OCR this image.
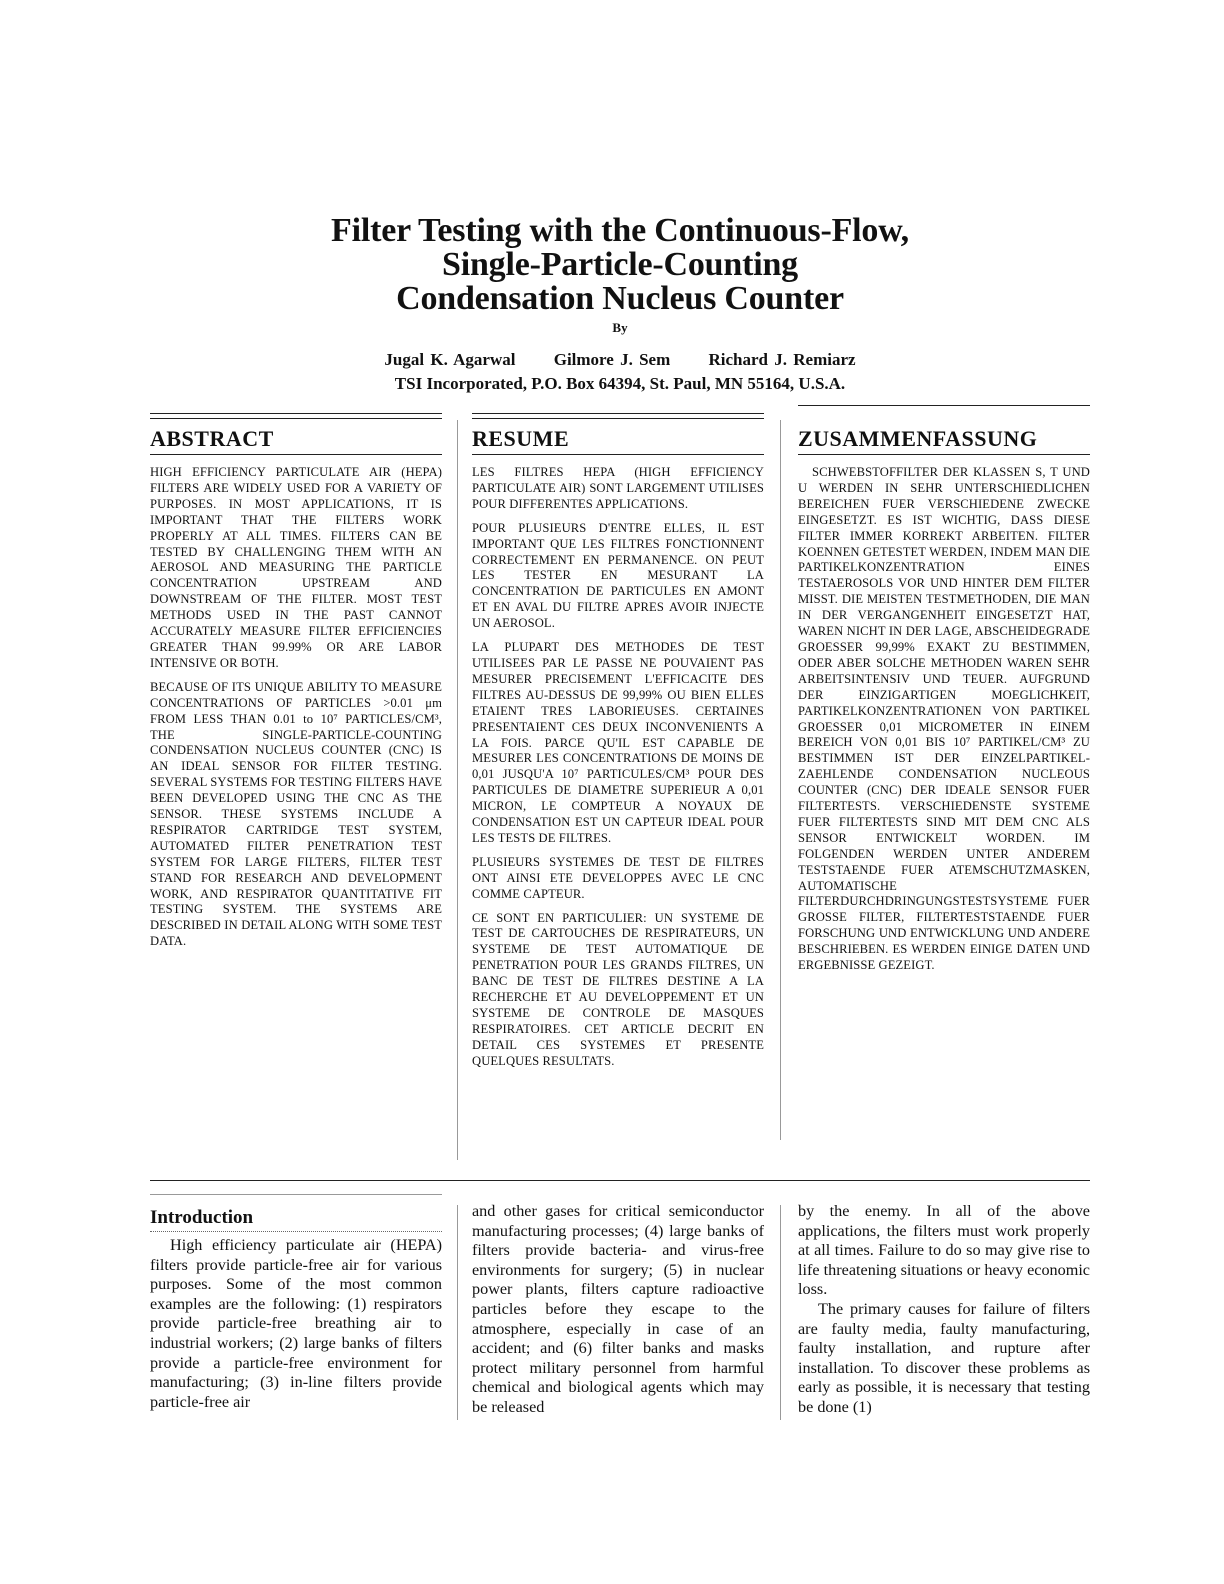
Filter Testing with the Continuous-Flow,
Single-Particle-Counting
Condensation Nucleus Counter
By
Jugal K. Agarwal Gilmore J. Sem Richard J. Remiarz
TSI Incorporated, P.O. Box 64394, St. Paul, MN 55164, U.S.A.
ABSTRACT

HIGH EFFICIENCY PARTICULATE AIR (HEPA) FILTERS ARE WIDELY USED FOR A VARIETY OF PURPOSES. IN MOST APPLICATIONS, IT IS IMPORTANT THAT THE FILTERS WORK PROPERLY AT ALL TIMES. FILTERS CAN BE TESTED BY CHALLENGING THEM WITH AN AEROSOL AND MEASURING THE PARTICLE CONCENTRATION UPSTREAM AND DOWNSTREAM OF THE FILTER. MOST TEST METHODS USED IN THE PAST CANNOT ACCURATELY MEASURE FILTER EFFICIENCIES GREATER THAN 99.99% OR ARE LABOR INTENSIVE OR BOTH.

BECAUSE OF ITS UNIQUE ABILITY TO MEASURE CONCENTRATIONS OF PARTICLES >0.01 μm FROM LESS THAN 0.01 to 10⁷ PARTICLES/CM³, THE SINGLE-PARTICLE-COUNTING CONDENSATION NUCLEUS COUNTER (CNC) IS AN IDEAL SENSOR FOR FILTER TESTING. SEVERAL SYSTEMS FOR TESTING FILTERS HAVE BEEN DEVELOPED USING THE CNC AS THE SENSOR. THESE SYSTEMS INCLUDE A RESPIRATOR CARTRIDGE TEST SYSTEM, AUTOMATED FILTER PENETRATION TEST SYSTEM FOR LARGE FILTERS, FILTER TEST STAND FOR RESEARCH AND DEVELOPMENT WORK, AND RESPIRATOR QUANTITATIVE FIT TESTING SYSTEM. THE SYSTEMS ARE DESCRIBED IN DETAIL ALONG WITH SOME TEST DATA.

RESUME

LES FILTRES HEPA (HIGH EFFICIENCY PARTICULATE AIR) SONT LARGEMENT UTILISES POUR DIFFERENTES APPLICATIONS.

POUR PLUSIEURS D'ENTRE ELLES, IL EST IMPORTANT QUE LES FILTRES FONCTIONNENT CORRECTEMENT EN PERMANENCE. ON PEUT LES TESTER EN MESURANT LA CONCENTRATION DE PARTICULES EN AMONT ET EN AVAL DU FILTRE APRES AVOIR INJECTE UN AEROSOL.

LA PLUPART DES METHODES DE TEST UTILISEES PAR LE PASSE NE POUVAIENT PAS MESURER PRECISEMENT L'EFFICACITE DES FILTRES AU-DESSUS DE 99,99% OU BIEN ELLES ETAIENT TRES LABORIEUSES. CERTAINES PRESENTAIENT CES DEUX INCONVENIENTS A LA FOIS. PARCE QU'IL EST CAPABLE DE MESURER LES CONCENTRATIONS DE MOINS DE 0,01 JUSQU'A 10⁷ PARTICULES/CM³ POUR DES PARTICULES DE DIAMETRE SUPERIEUR A 0,01 MICRON, LE COMPTEUR A NOYAUX DE CONDENSATION EST UN CAPTEUR IDEAL POUR LES TESTS DE FILTRES.

PLUSIEURS SYSTEMES DE TEST DE FILTRES ONT AINSI ETE DEVELOPPES AVEC LE CNC COMME CAPTEUR.

CE SONT EN PARTICULIER: UN SYSTEME DE TEST DE CARTOUCHES DE RESPIRATEURS, UN SYSTEME DE TEST AUTOMATIQUE DE PENETRATION POUR LES GRANDS FILTRES, UN BANC DE TEST DE FILTRES DESTINE A LA RECHERCHE ET AU DEVELOPPEMENT ET UN SYSTEME DE CONTROLE DE MASQUES RESPIRATOIRES. CET ARTICLE DECRIT EN DETAIL CES SYSTEMES ET PRESENTE QUELQUES RESULTATS.

ZUSAMMENFASSUNG

SCHWEBSTOFFILTER DER KLASSEN S, T UND U WERDEN IN SEHR UNTERSCHIEDLICHEN BEREICHEN FUER VERSCHIEDENE ZWECKE EINGESETZT. ES IST WICHTIG, DASS DIESE FILTER IMMER KORREKT ARBEITEN. FILTER KOENNEN GETESTET WERDEN, INDEM MAN DIE PARTIKELKONZENTRATION EINES TESTAEROSOLS VOR UND HINTER DEM FILTER MISST. DIE MEISTEN TESTMETHODEN, DIE MAN IN DER VERGANGENHEIT EINGESETZT HAT, WAREN NICHT IN DER LAGE, ABSCHEIDEGRADE GROESSER 99,99% EXAKT ZU BESTIMMEN, ODER ABER SOLCHE METHODEN WAREN SEHR ARBEITSINTENSIV UND TEUER. AUFGRUND DER EINZIGARTIGEN MOEGLICHKEIT, PARTIKELKONZENTRATIONEN VON PARTIKEL GROESSER 0,01 MICROMETER IN EINEM BEREICH VON 0,01 BIS 10⁷ PARTIKEL/CM³ ZU BESTIMMEN IST DER EINZELPARTIKEL-ZAEHLENDE CONDENSATION NUCLEOUS COUNTER (CNC) DER IDEALE SENSOR FUER FILTERTESTS. VERSCHIEDENSTE SYSTEME FUER FILTERTESTS SIND MIT DEM CNC ALS SENSOR ENTWICKELT WORDEN. IM FOLGENDEN WERDEN UNTER ANDEREM TESTSTAENDE FUER ATEMSCHUTZMASKEN, AUTOMATISCHE FILTERDURCHDRINGUNGSTESTSYSTEME FUER GROSSE FILTER, FILTERTESTSTAENDE FUER FORSCHUNG UND ENTWICKLUNG UND ANDERE BESCHRIEBEN. ES WERDEN EINIGE DATEN UND ERGEBNISSE GEZEIGT.

Introduction

High efficiency particulate air (HEPA) filters provide particle-free air for various purposes. Some of the most common examples are the following: (1) respirators provide particle-free breathing air to industrial workers; (2) large banks of filters provide a particle-free environment for manufacturing; (3) in-line filters provide particle-free air

and other gases for critical semiconductor manufacturing processes; (4) large banks of filters provide bacteria- and virus-free environments for surgery; (5) in nuclear power plants, filters capture radioactive particles before they escape to the atmosphere, especially in case of an accident; and (6) filter banks and masks protect military personnel from harmful chemical and biological agents which may be released

by the enemy. In all of the above applications, the filters must work properly at all times. Failure to do so may give rise to life threatening situations or heavy economic loss.

The primary causes for failure of filters are faulty media, faulty manufacturing, faulty installation, and rupture after installation. To discover these problems as early as possible, it is necessary that testing be done (1)
